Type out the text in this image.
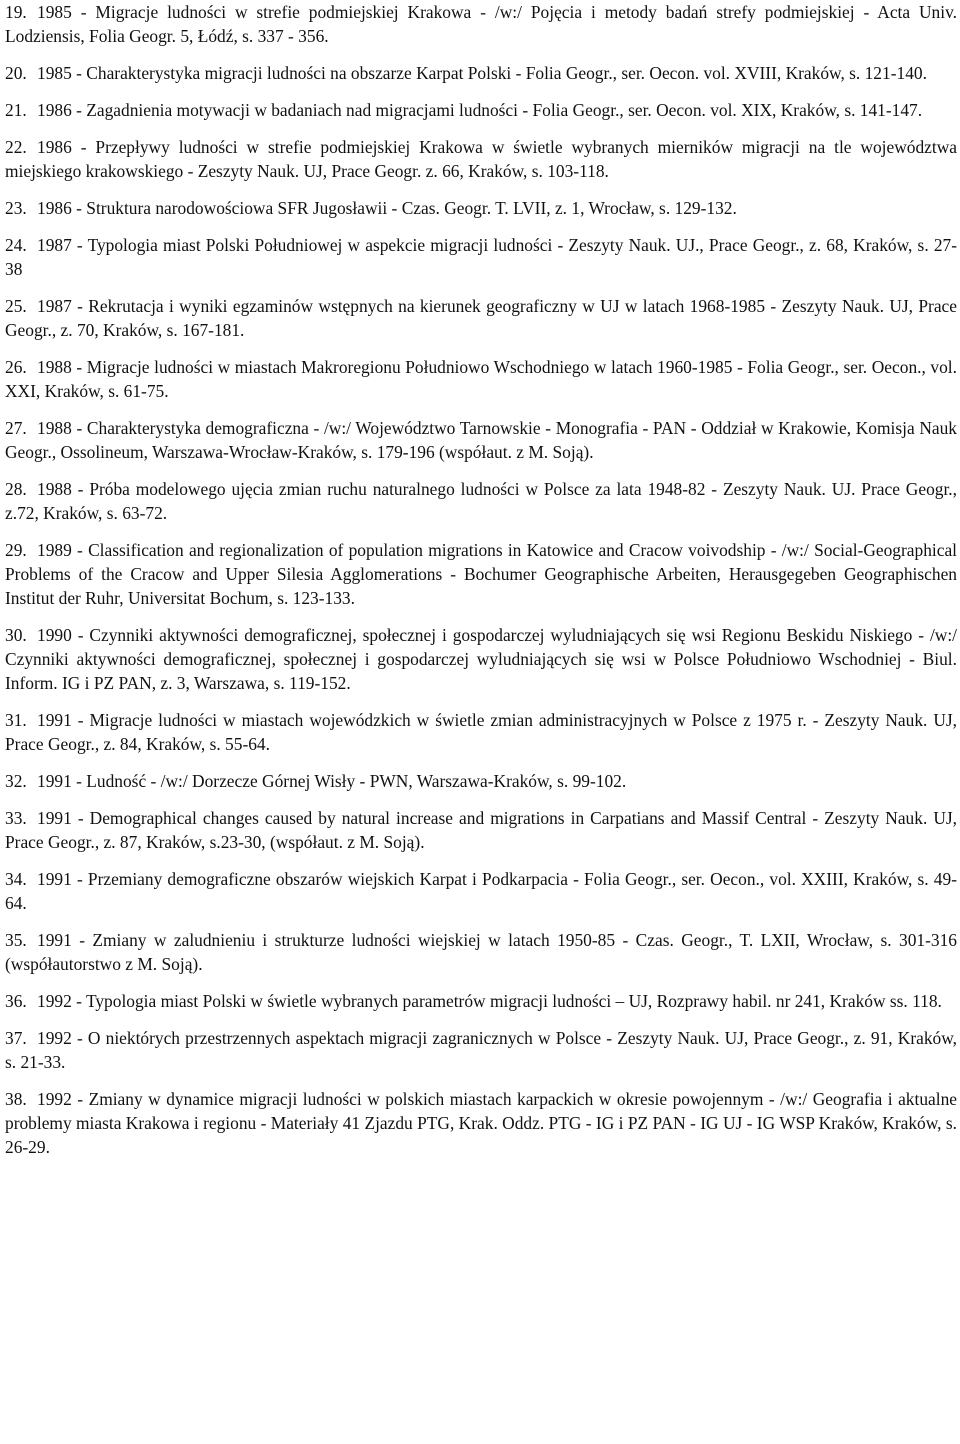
19. 1985 - Migracje ludności w strefie podmiejskiej Krakowa - /w:/ Pojęcia i metody badań strefy podmiejskiej - Acta Univ. Lodziensis, Folia Geogr. 5, Łódź, s. 337 - 356.

20. 1985 - Charakterystyka migracji ludności na obszarze Karpat Polski - Folia Geogr., ser. Oecon. vol. XVIII, Kraków, s. 121-140.

21. 1986 - Zagadnienia motywacji w badaniach nad migracjami ludności - Folia Geogr., ser. Oecon. vol. XIX, Kraków, s. 141-147.

22. 1986 - Przepływy ludności w strefie podmiejskiej Krakowa w świetle wybranych mierników migracji na tle województwa miejskiego krakowskiego - Zeszyty Nauk. UJ, Prace Geogr. z. 66, Kraków, s. 103-118.

23. 1986 - Struktura narodowościowa SFR Jugosławii - Czas. Geogr. T. LVII, z. 1, Wrocław, s. 129-132.

24. 1987 - Typologia miast Polski Południowej w aspekcie migracji ludności - Zeszyty Nauk. UJ., Prace Geogr., z. 68, Kraków, s. 27-38

25. 1987 - Rekrutacja i wyniki egzaminów wstępnych na kierunek geograficzny w UJ w latach 1968-1985 - Zeszyty Nauk. UJ, Prace Geogr., z. 70, Kraków, s. 167-181.

26. 1988 - Migracje ludności w miastach Makroregionu Południowo Wschodniego w latach 1960-1985 - Folia Geogr., ser. Oecon., vol. XXI, Kraków, s. 61-75.

27. 1988 - Charakterystyka demograficzna - /w:/ Województwo Tarnowskie - Monografia - PAN - Oddział w Krakowie, Komisja Nauk Geogr., Ossolineum, Warszawa-Wrocław-Kraków, s. 179-196 (współaut. z M. Soją).

28. 1988 - Próba modelowego ujęcia zmian ruchu naturalnego ludności w Polsce za lata 1948-82 - Zeszyty Nauk. UJ. Prace Geogr., z.72, Kraków, s. 63-72.

29. 1989 - Classification and regionalization of population migrations in Katowice and Cracow voivodship - /w:/ Social-Geographical Problems of the Cracow and Upper Silesia Agglomerations - Bochumer Geographische Arbeiten, Herausgegeben Geographischen Institut der Ruhr, Universitat Bochum, s. 123-133.

30. 1990 - Czynniki aktywności demograficznej, społecznej i gospodarczej wyludniających się wsi Regionu Beskidu Niskiego - /w:/ Czynniki aktywności demograficznej, społecznej i gospodarczej wyludniających się wsi w Polsce Południowo Wschodniej - Biul. Inform. IG i PZ PAN, z. 3, Warszawa, s. 119-152.

31. 1991 - Migracje ludności w miastach wojewódzkich w świetle zmian administracyjnych w Polsce z 1975 r. - Zeszyty Nauk. UJ, Prace Geogr., z. 84, Kraków, s. 55-64.

32. 1991 - Ludność - /w:/ Dorzecze Górnej Wisły - PWN, Warszawa-Kraków, s. 99-102.

33. 1991 - Demographical changes caused by natural increase and migrations in Carpatians and Massif Central - Zeszyty Nauk. UJ, Prace Geogr., z. 87, Kraków, s.23-30, (współaut. z M. Soją).

34. 1991 - Przemiany demograficzne obszarów wiejskich Karpat i Podkarpacia - Folia Geogr., ser. Oecon., vol. XXIII, Kraków, s. 49-64.

35. 1991 - Zmiany w zaludnieniu i strukturze ludności wiejskiej w latach 1950-85 - Czas. Geogr., T. LXII, Wrocław, s. 301-316 (współautorstwo z M. Soją).

36. 1992 - Typologia miast Polski w świetle wybranych parametrów migracji ludności – UJ, Rozprawy habil. nr 241, Kraków ss. 118.

37. 1992 - O niektórych przestrzennych aspektach migracji zagranicznych w Polsce - Zeszyty Nauk. UJ, Prace Geogr., z. 91, Kraków, s. 21-33.

38. 1992 - Zmiany w dynamice migracji ludności w polskich miastach karpackich w okresie powojennym - /w:/ Geografia i aktualne problemy miasta Krakowa i regionu - Materiały 41 Zjazdu PTG, Krak. Oddz. PTG - IG i PZ PAN - IG UJ - IG WSP Kraków, Kraków, s. 26-29.
